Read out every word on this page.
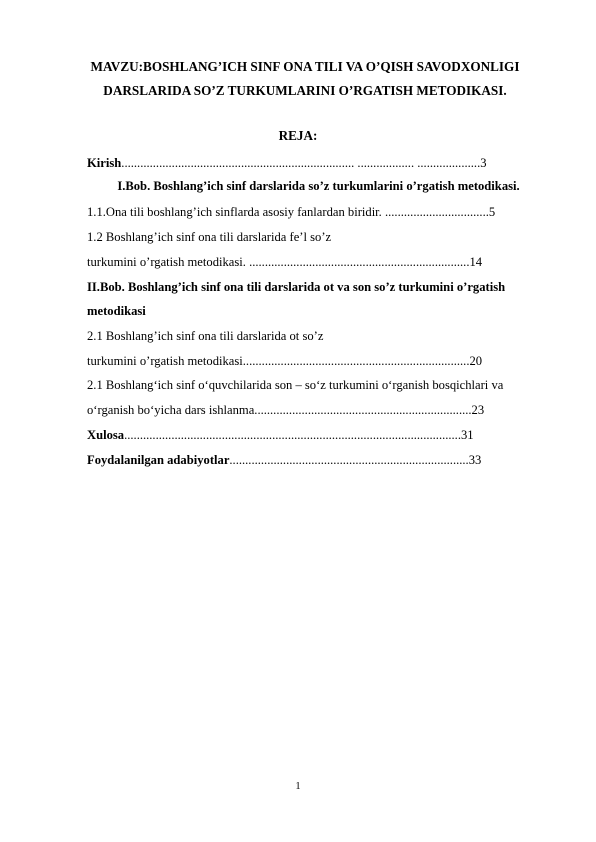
MAVZU:BOSHLANG’ICH SINF ONA TILI VA O’QISH SAVODXONLIGI
DARSLARIDA SO’Z TURKUMLARINI O’RGATISH METODIKASI.
REJA:
Kirish.......................................................................... .................. ....................3
I.Bob. Boshlang’ich sinf darslarida so’z turkumlarini o’rgatish metodikasi.
1.1.Ona tili boshlang’ich sinflarda asosiy fanlardan biridir. .................................5
1.2 Boshlang’ich sinf ona tili darslarida fe’l so’z
turkumini o’rgatish metodikasi. ......................................................................14
II.Bob. Boshlang’ich sinf ona tili darslarida ot va son so’z turkumini o’rgatish
metodikasi
2.1 Boshlang’ich sinf ona tili darslarida ot so’z
turkumini o’rgatish metodikasi........................................................................20
2.1 Boshlang‘ich sinf o‘quvchilarida son – so‘z turkumini o‘rganish bosqichlari va
o‘rganish bo‘yicha dars ishlanma.....................................................................23
Xulosa...........................................................................................................31
Foydalanilgan adabiyotlar............................................................................33
1
